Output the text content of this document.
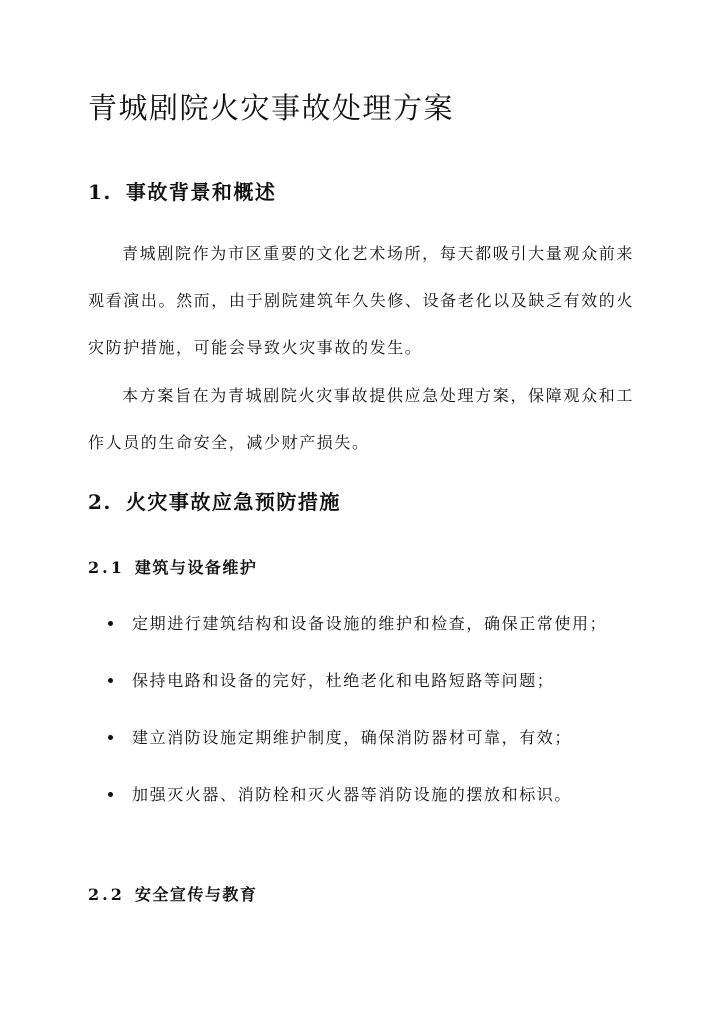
青城剧院火灾事故处理方案
1. 事故背景和概述

青城剧院作为市区重要的文化艺术场所，每天都吸引大量观众前来观看演出。然而，由于剧院建筑年久失修、设备老化以及缺乏有效的火灾防护措施，可能会导致火灾事故的发生。

本方案旨在为青城剧院火灾事故提供应急处理方案，保障观众和工作人员的生命安全，减少财产损失。

2. 火灾事故应急预防措施
2.1 建筑与设备维护
定期进行建筑结构和设备设施的维护和检查，确保正常使用；
保持电路和设备的完好，杜绝老化和电路短路等问题；
建立消防设施定期维护制度，确保消防器材可靠，有效；
加强灭火器、消防栓和灭火器等消防设施的摆放和标识。
2.2 安全宣传与教育
